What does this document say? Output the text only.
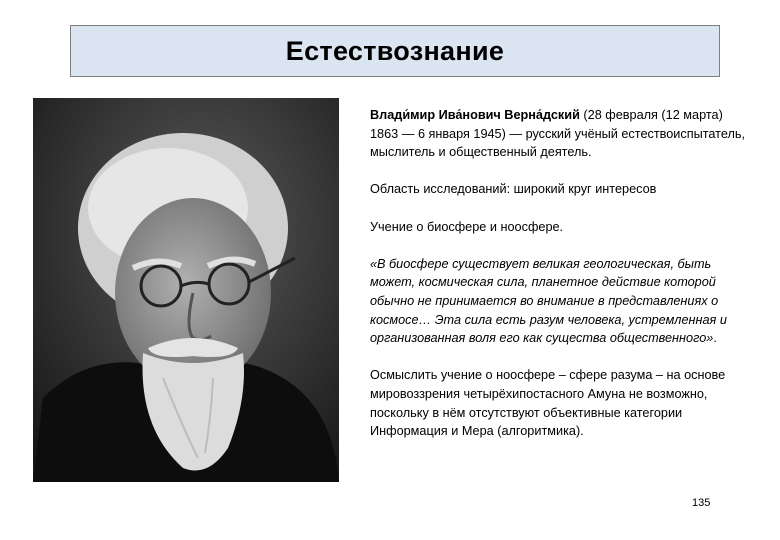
Естествознание

Влади́мир Ива́нович Верна́дский (28 февраля (12 марта) 1863 — 6 января 1945) — русский учёный естествоиспытатель, мыслитель и общественный деятель.

Область исследований: широкий круг интересов

Учение о биосфере и ноосфере.

«В биосфере существует великая геологическая, быть может, космическая сила, планетное действие которой обычно не принимается во внимание в представлениях о космосе… Эта сила есть разум человека, устремленная и организованная воля его как существа общественного».

Осмыслить учение о ноосфере – сфере разума – на основе мировоззрения четырёхипостасного Амуна не возможно, поскольку в нём отсутствуют объективные категории Информация и Мера (алгоритмика).

135
